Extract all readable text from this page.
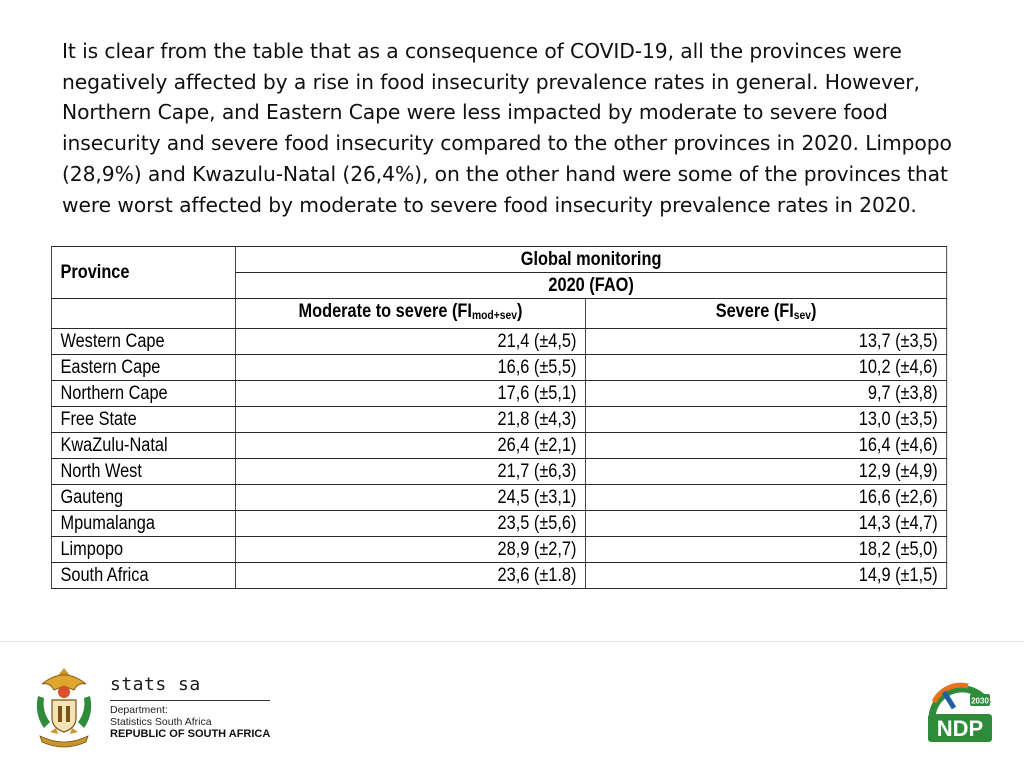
It is clear from the table that as a consequence of COVID-19, all the provinces were negatively affected by a rise in food insecurity prevalence rates in general. However, Northern Cape, and Eastern Cape were less impacted by moderate to severe food insecurity and severe food insecurity compared to the other provinces in 2020. Limpopo (28,9%) and Kwazulu-Natal (26,4%), on the other hand were some of the provinces that were worst affected by moderate to severe food insecurity prevalence rates in 2020.

Province	Global monitoring	
	2020 (FAO)	
	Moderate to severe $(FI_{mod+sev})$	Severe $(FI_{sev})$
Western Cape	21,4 (±4,5)	13,7 (±3,5)
Eastern Cape	16,6 (±5,5)	10,2 (±4,6)
Northern Cape	17,6 (±5,1)	9,7 (±3,8)
Free State	21,8 (±4,3)	13,0 (±3,5)
KwaZulu-Natal	26,4 (±2,1)	16,4 (±4,6)
North West	21,7 (±6,3)	12,9 (±4,9)
Gauteng	24,5 (±3,1)	16,6 (±2,6)
Mpumalanga	23,5 (±5,6)	14,3 (±4,7)
Limpopo	28,9 (±2,7)	18,2 (±5,0)
South Africa	23,6 (±1.8)	14,9 (±1,5)
stats sa
Department:
Statistics South Africa
REPUBLIC OF SOUTH AFRICA
2030
NDP
